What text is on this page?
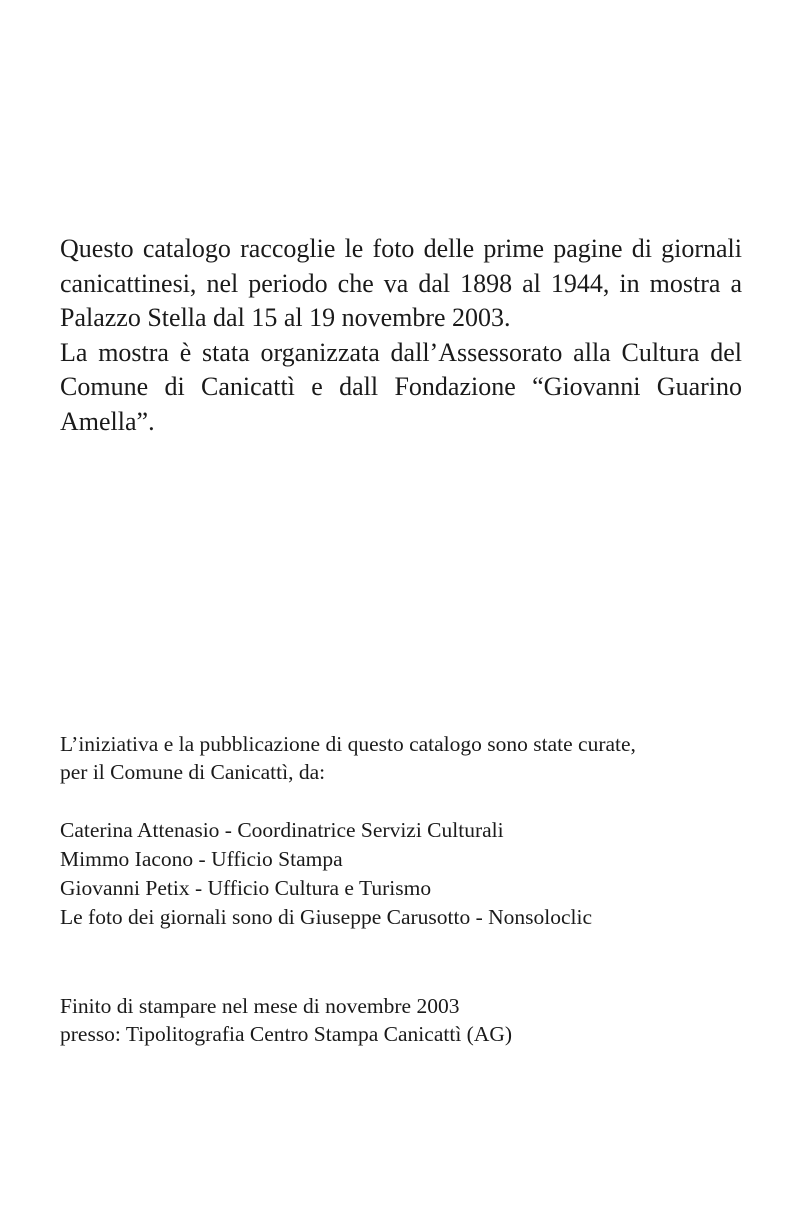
Questo catalogo raccoglie le foto delle prime pagine di giornali canicattinesi, nel periodo che va dal 1898 al 1944, in mostra a Palazzo Stella dal 15 al 19 novembre 2003.

La mostra è stata organizzata dall’Assessorato alla Cultura del Comune di Canicattì e dall Fondazione “Giovanni Guarino Amella”.

L’iniziativa e la pubblicazione di questo catalogo sono state curate,

per il Comune di Canicattì, da:

Caterina Attenasio - Coordinatrice Servizi Culturali
Mimmo Iacono - Ufficio Stampa
Giovanni Petix - Ufficio Cultura e Turismo
Le foto dei giornali sono di Giuseppe Carusotto - Nonsoloclic

Finito di stampare nel mese di novembre 2003

presso: Tipolitografia Centro Stampa Canicattì (AG)
